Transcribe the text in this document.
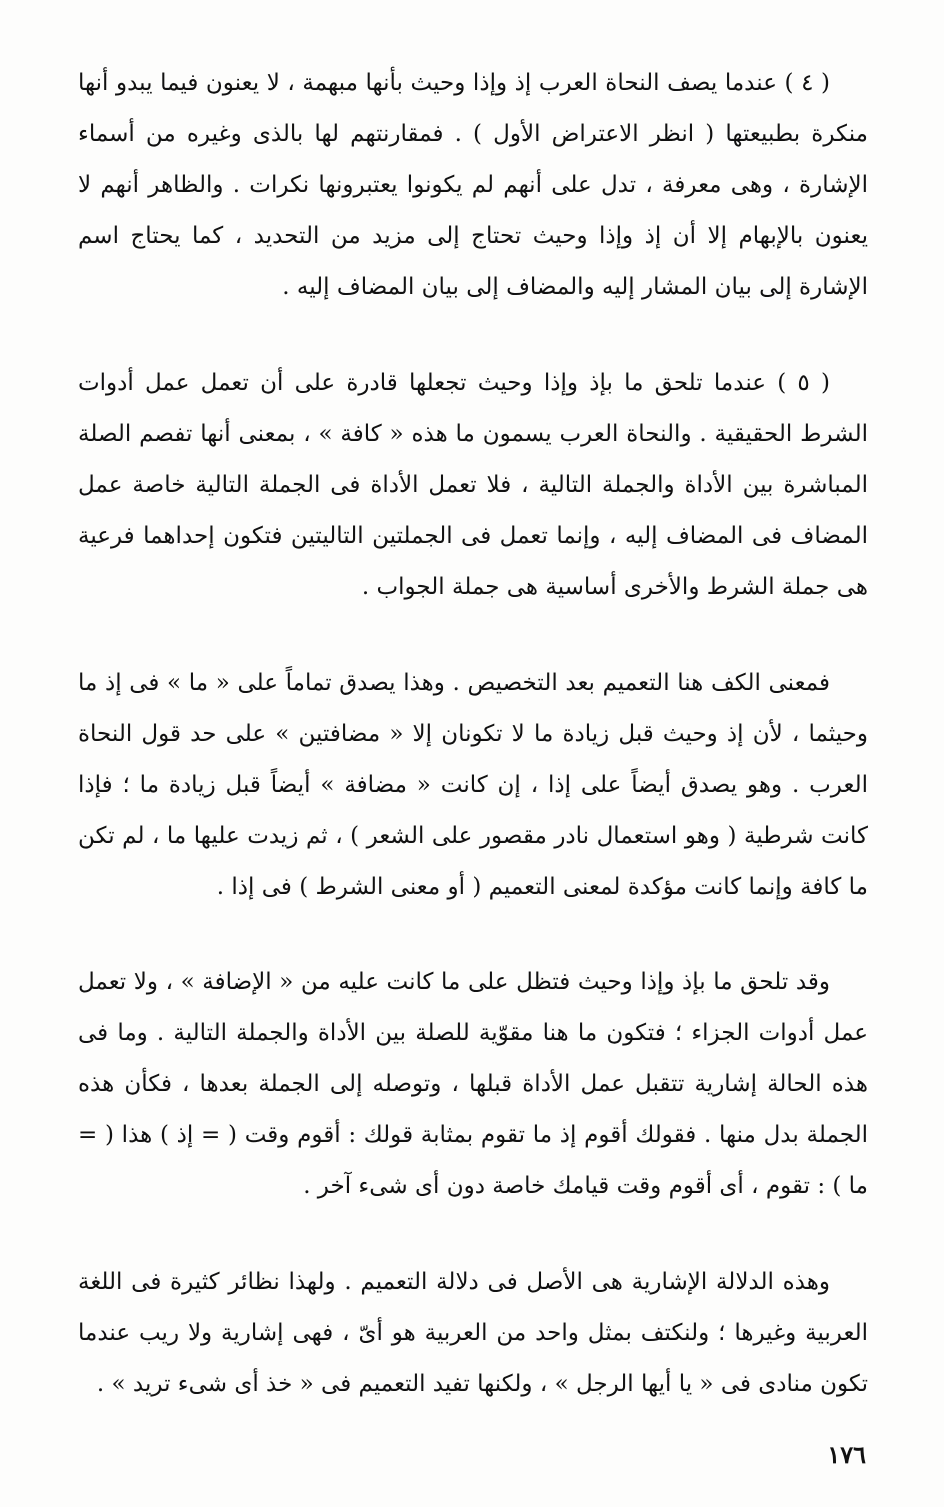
( ٤ ) عندما يصف النحاة العرب إذ وإذا وحيث بأنها مبهمة ، لا يعنون فيما يبدو أنها منكرة بطبيعتها ( انظر الاعتراض الأول ) . فمقارنتهم لها بالذى وغيره من أسماء الإشارة ، وهى معرفة ، تدل على أنهم لم يكونوا يعتبرونها نكرات . والظاهر أنهم لا يعنون بالإبهام إلا أن إذ وإذا وحيث تحتاج إلى مزيد من التحديد ، كما يحتاج اسم الإشارة إلى بيان المشار إليه والمضاف إلى بيان المضاف إليه .

( ٥ ) عندما تلحق ما بإذ وإذا وحيث تجعلها قادرة على أن تعمل عمل أدوات الشرط الحقيقية . والنحاة العرب يسمون ما هذه « كافة » ، بمعنى أنها تفصم الصلة المباشرة بين الأداة والجملة التالية ، فلا تعمل الأداة فى الجملة التالية خاصة عمل المضاف فى المضاف إليه ، وإنما تعمل فى الجملتين التاليتين فتكون إحداهما فرعية هى جملة الشرط والأخرى أساسية هى جملة الجواب .

فمعنى الكف هنا التعميم بعد التخصيص . وهذا يصدق تماماً على « ما » فى إذ ما وحيثما ، لأن إذ وحيث قبل زيادة ما لا تكونان إلا « مضافتين » على حد قول النحاة العرب . وهو يصدق أيضاً على إذا ، إن كانت « مضافة » أيضاً قبل زيادة ما ؛ فإذا كانت شرطية ( وهو استعمال نادر مقصور على الشعر ) ، ثم زيدت عليها ما ، لم تكن ما كافة وإنما كانت مؤكدة لمعنى التعميم ( أو معنى الشرط ) فى إذا .

وقد تلحق ما بإذ وإذا وحيث فتظل على ما كانت عليه من « الإضافة » ، ولا تعمل عمل أدوات الجزاء ؛ فتكون ما هنا مقوّية للصلة بين الأداة والجملة التالية . وما فى هذه الحالة إشارية تتقبل عمل الأداة قبلها ، وتوصله إلى الجملة بعدها ، فكأن هذه الجملة بدل منها . فقولك أقوم إذ ما تقوم بمثابة قولك : أقوم وقت ( = إذ ) هذا ( = ما ) : تقوم ، أى أقوم وقت قيامك خاصة دون أى شىء آخر .

وهذه الدلالة الإشارية هى الأصل فى دلالة التعميم . ولهذا نظائر كثيرة فى اللغة العربية وغيرها ؛ ولنكتف بمثل واحد من العربية هو أىّ ، فهى إشارية ولا ريب عندما تكون منادى فى « يا أيها الرجل » ، ولكنها تفيد التعميم فى « خذ أى شىء تريد » .

١٧٦
